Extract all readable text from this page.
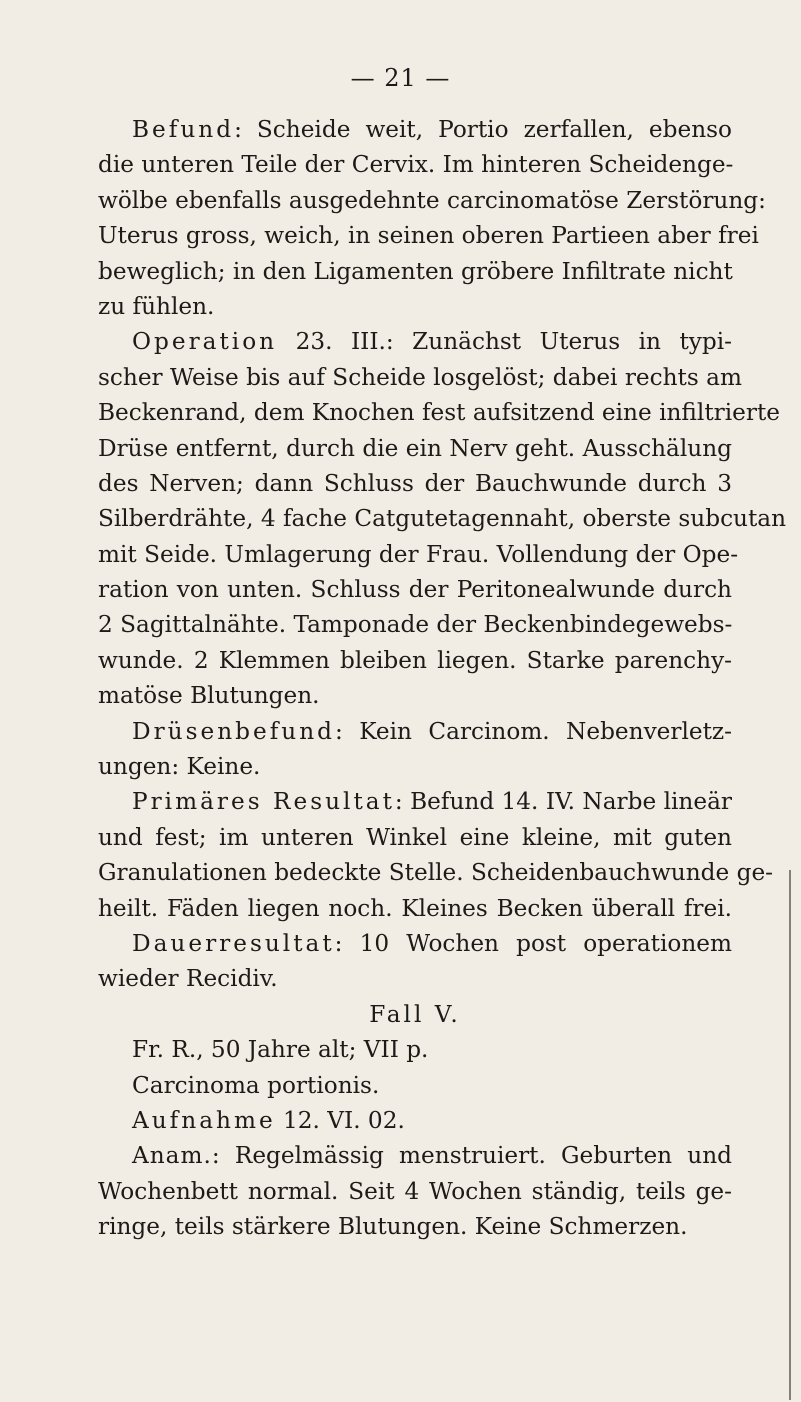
— 21 —
Befund: Scheide weit, Portio zerfallen, ebenso
die unteren Teile der Cervix. Im hinteren Scheidenge-
wölbe ebenfalls ausgedehnte carcinomatöse Zerstörung:
Uterus gross, weich, in seinen oberen Partieen aber frei
beweglich; in den Ligamenten gröbere Infiltrate nicht
zu fühlen.
Operation 23. III.: Zunächst Uterus in typi-
scher Weise bis auf Scheide losgelöst; dabei rechts am
Beckenrand, dem Knochen fest aufsitzend eine infiltrierte
Drüse entfernt, durch die ein Nerv geht. Ausschälung
des Nerven; dann Schluss der Bauchwunde durch 3
Silberdrähte, 4 fache Catgutetagennaht, oberste subcutan
mit Seide. Umlagerung der Frau. Vollendung der Ope-
ration von unten. Schluss der Peritonealwunde durch
2 Sagittalnähte. Tamponade der Beckenbindegewebs-
wunde. 2 Klemmen bleiben liegen. Starke parenchy-
matöse Blutungen.
Drüsenbefund: Kein Carcinom. Nebenverletz-
ungen: Keine.
Primäres Resultat: Befund 14. IV. Narbe lineär
und fest; im unteren Winkel eine kleine, mit guten
Granulationen bedeckte Stelle. Scheidenbauchwunde ge-
heilt. Fäden liegen noch. Kleines Becken überall frei.
Dauerresultat: 10 Wochen post operationem
wieder Recidiv.
Fall V.
Fr. R., 50 Jahre alt; VII p.
Carcinoma portionis.
Aufnahme 12. VI. 02.
Anam.: Regelmässig menstruiert. Geburten und
Wochenbett normal. Seit 4 Wochen ständig, teils ge-
ringe, teils stärkere Blutungen. Keine Schmerzen.
